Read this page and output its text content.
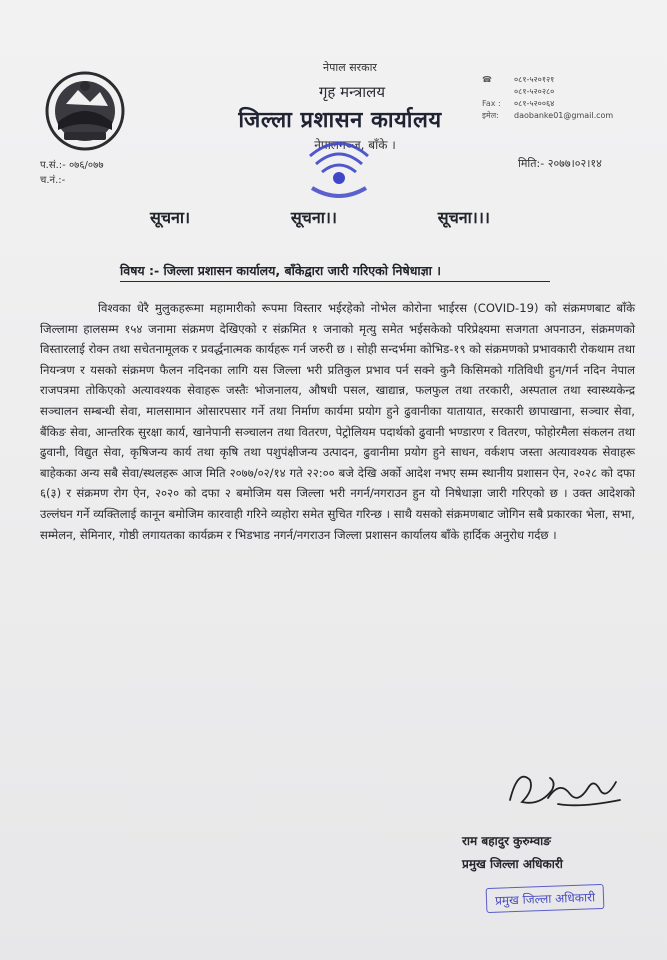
नेपाल सरकार
गृह मन्त्रालय
जिल्ला प्रशासन कार्यालय
नेपालगञ्ज, बाँके ।
☎	०८१-५२०१२१
०८१-५२०२८०
Fax :	०८१-५२००६४
इमेल:	daobanke01@gmail.com
प.सं.:- ०७६/०७७
च.नं.:-
मिति:- २०७७।०२।१४
सूचना।	सूचना।।	सूचना।।।
विषय :- जिल्ला प्रशासन कार्यालय, बाँकेद्वारा जारी गरिएको निषेधाज्ञा ।
विश्वका धेरै मुलुकहरूमा महामारीको रूपमा विस्तार भईरहेको नोभेल कोरोना भाईरस (COVID-19) को संक्रमणबाट बाँके जिल्लामा हालसम्म १५४ जनामा संक्रमण देखिएको र संक्रमित १ जनाको मृत्यु समेत भईसकेको परिप्रेक्ष्यमा सजगता अपनाउन, संक्रमणको विस्तारलाई रोक्न तथा सचेतनामूलक र प्रवर्द्धनात्मक कार्यहरू गर्न जरुरी छ । सोही सन्दर्भमा कोभिड-१९ को संक्रमणको प्रभावकारी रोकथाम तथा नियन्त्रण र यसको संक्रमण फैलन नदिनका लागि यस जिल्ला भरी प्रतिकुल प्रभाव पर्न सक्ने कुनै किसिमको गतिविधी हुन/गर्न नदिन नेपाल राजपत्रमा तोकिएको अत्यावश्यक सेवाहरू जस्तैः भोजनालय, औषधी पसल, खाद्यान्न, फलफुल तथा तरकारी, अस्पताल तथा स्वास्थ्यकेन्द्र सञ्चालन सम्बन्धी सेवा, मालसामान ओसारपसार गर्ने तथा निर्माण कार्यमा प्रयोग हुने ढुवानीका यातायात, सरकारी छापाखाना, सञ्चार सेवा, बैंकिङ सेवा, आन्तरिक सुरक्षा कार्य, खानेपानी सञ्चालन तथा वितरण, पेट्रोलियम पदार्थको ढुवानी भण्डारण र वितरण, फोहोरमैला संकलन तथा ढुवानी, विद्युत सेवा, कृषिजन्य कार्य तथा कृषि तथा पशुपंक्षीजन्य उत्पादन, ढुवानीमा प्रयोग हुने साधन, वर्कशप जस्ता अत्यावश्यक सेवाहरू बाहेकका अन्य सबै सेवा/स्थलहरू आज मिति २०७७/०२/१४ गते २२:०० बजे देखि अर्को आदेश नभए सम्म स्थानीय प्रशासन ऐन, २०२८ को दफा ६(३) र संक्रमण रोग ऐन, २०२० को दफा २ बमोजिम यस जिल्ला भरी नगर्न/नगराउन हुन यो निषेधाज्ञा जारी गरिएको छ । उक्त आदेशको उल्लंघन गर्ने व्यक्तिलाई कानून बमोजिम कारवाही गरिने व्यहोरा समेत सुचित गरिन्छ । साथै यसको संक्रमणबाट जोगिन सबै प्रकारका भेला, सभा, सम्मेलन, सेमिनार, गोष्ठी लगायतका कार्यक्रम र भिडभाड नगर्न/नगराउन जिल्ला प्रशासन कार्यालय बाँके हार्दिक अनुरोध गर्दछ ।
राम बहादुर कुरुम्वाङ
प्रमुख जिल्ला अधिकारी
प्रमुख जिल्ला अधिकारी
